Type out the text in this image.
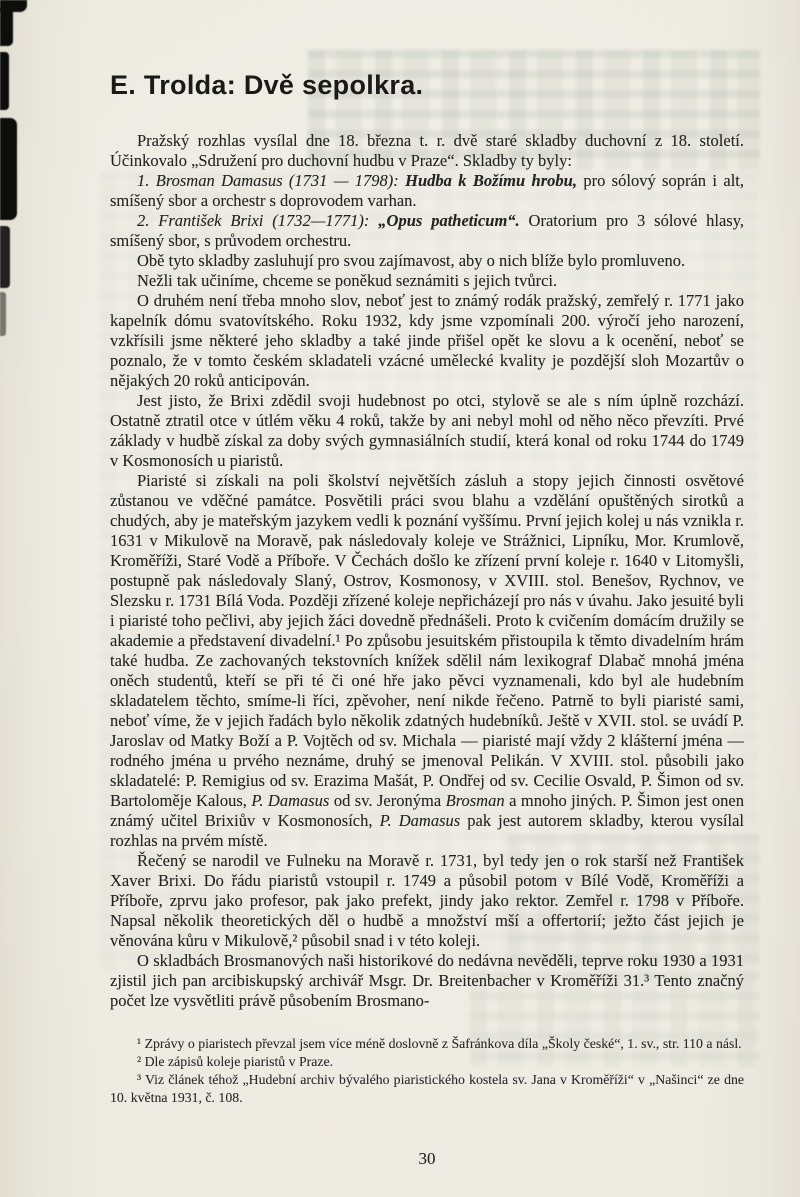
E. Trolda: Dvě sepolkra.

Pražský rozhlas vysílal dne 18. března t. r. dvě staré skladby duchovní z 18. století. Účinkovalo „Sdružení pro duchovní hudbu v Praze“. Skladby ty byly:

1. Brosman Damasus (1731 — 1798): Hudba k Božímu hrobu, pro sólový soprán i alt, smíšený sbor a orchestr s doprovodem varhan.

2. František Brixi (1732—1771): „Opus patheticum“. Oratorium pro 3 sólové hlasy, smíšený sbor, s průvodem orchestru.

Obě tyto skladby zasluhují pro svou zajímavost, aby o nich blíže bylo promluveno.

Nežli tak učiníme, chceme se poněkud seznámiti s jejich tvůrci.

O druhém není třeba mnoho slov, neboť jest to známý rodák pražský, zemřelý r. 1771 jako kapelník dómu svatovítského. Roku 1932, kdy jsme vzpomínali 200. výročí jeho narození, vzkřísili jsme některé jeho skladby a také jinde přišel opět ke slovu a k ocenění, neboť se poznalo, že v tomto českém skladateli vzácné umělecké kvality je pozdější sloh Mozartův o nějakých 20 roků anticipován.

Jest jisto, že Brixi zdědil svoji hudebnost po otci, stylově se ale s ním úplně rozchází. Ostatně ztratil otce v útlém věku 4 roků, takže by ani nebyl mohl od něho něco převzíti. Prvé základy v hudbě získal za doby svých gymnasiálních studií, která konal od roku 1744 do 1749 v Kosmonosích u piaristů.

Piaristé si získali na poli školství největších zásluh a stopy jejich činnosti osvětové zůstanou ve vděčné památce. Posvětili práci svou blahu a vzdělání opuštěných sirotků a chudých, aby je mateřským jazykem vedli k poznání vyššímu. První jejich kolej u nás vznikla r. 1631 v Mikulově na Moravě, pak následovaly koleje ve Strážnici, Lipníku, Mor. Krumlově, Kroměříži, Staré Vodě a Příboře. V Čechách došlo ke zřízení první koleje r. 1640 v Litomyšli, postupně pak následovaly Slaný, Ostrov, Kosmonosy, v XVIII. stol. Benešov, Rychnov, ve Slezsku r. 1731 Bílá Voda. Později zřízené koleje nepřicházejí pro nás v úvahu. Jako jesuité byli i piaristé toho pečlivi, aby jejich žáci dovedně přednášeli. Proto k cvičením domácím družily se akademie a představení divadelní.¹ Po způsobu jesuitském přistoupila k těmto divadelním hrám také hudba. Ze zachovaných tekstovních knížek sdělil nám lexikograf Dlabač mnohá jména oněch studentů, kteří se při té či oné hře jako pěvci vyznamenali, kdo byl ale hudebním skladatelem těchto, smíme-li říci, zpěvoher, není nikde řečeno. Patrně to byli piaristé sami, neboť víme, že v jejich řadách bylo několik zdatných hudebníků. Ještě v XVII. stol. se uvádí P. Jaroslav od Matky Boží a P. Vojtěch od sv. Michala — piaristé mají vždy 2 klášterní jména — rodného jména u prvého neznáme, druhý se jmenoval Pelikán. V XVIII. stol. působili jako skladatelé: P. Remigius od sv. Erazima Mašát, P. Ondřej od sv. Cecilie Osvald, P. Šimon od sv. Bartoloměje Kalous, P. Damasus od sv. Jeronýma Brosman a mnoho jiných. P. Šimon jest onen známý učitel Brixiův v Kosmonosích, P. Damasus pak jest autorem skladby, kterou vysílal rozhlas na prvém místě.

Řečený se narodil ve Fulneku na Moravě r. 1731, byl tedy jen o rok starší než František Xaver Brixi. Do řádu piaristů vstoupil r. 1749 a působil potom v Bílé Vodě, Kroměříži a Příboře, zprvu jako profesor, pak jako prefekt, jindy jako rektor. Zemřel r. 1798 v Příboře. Napsal několik theoretických děl o hudbě a množství mší a offertorií; ježto část jejich je věnována kůru v Mikulově,² působil snad i v této koleji.

O skladbách Brosmanových naši historikové do nedávna nevěděli, teprve roku 1930 a 1931 zjistil jich pan arcibiskupský archivář Msgr. Dr. Breitenbacher v Kroměříži 31.³ Tento značný počet lze vysvětliti právě působením Brosmano-

¹ Zprávy o piaristech převzal jsem více méně doslovně z Šafránkova díla „Školy české“, 1. sv., str. 110 a násl.

² Dle zápisů koleje piaristů v Praze.

³ Viz článek téhož „Hudební archiv bývalého piaristického kostela sv. Jana v Kroměříži“ v „Našinci“ ze dne 10. května 1931, č. 108.

30
